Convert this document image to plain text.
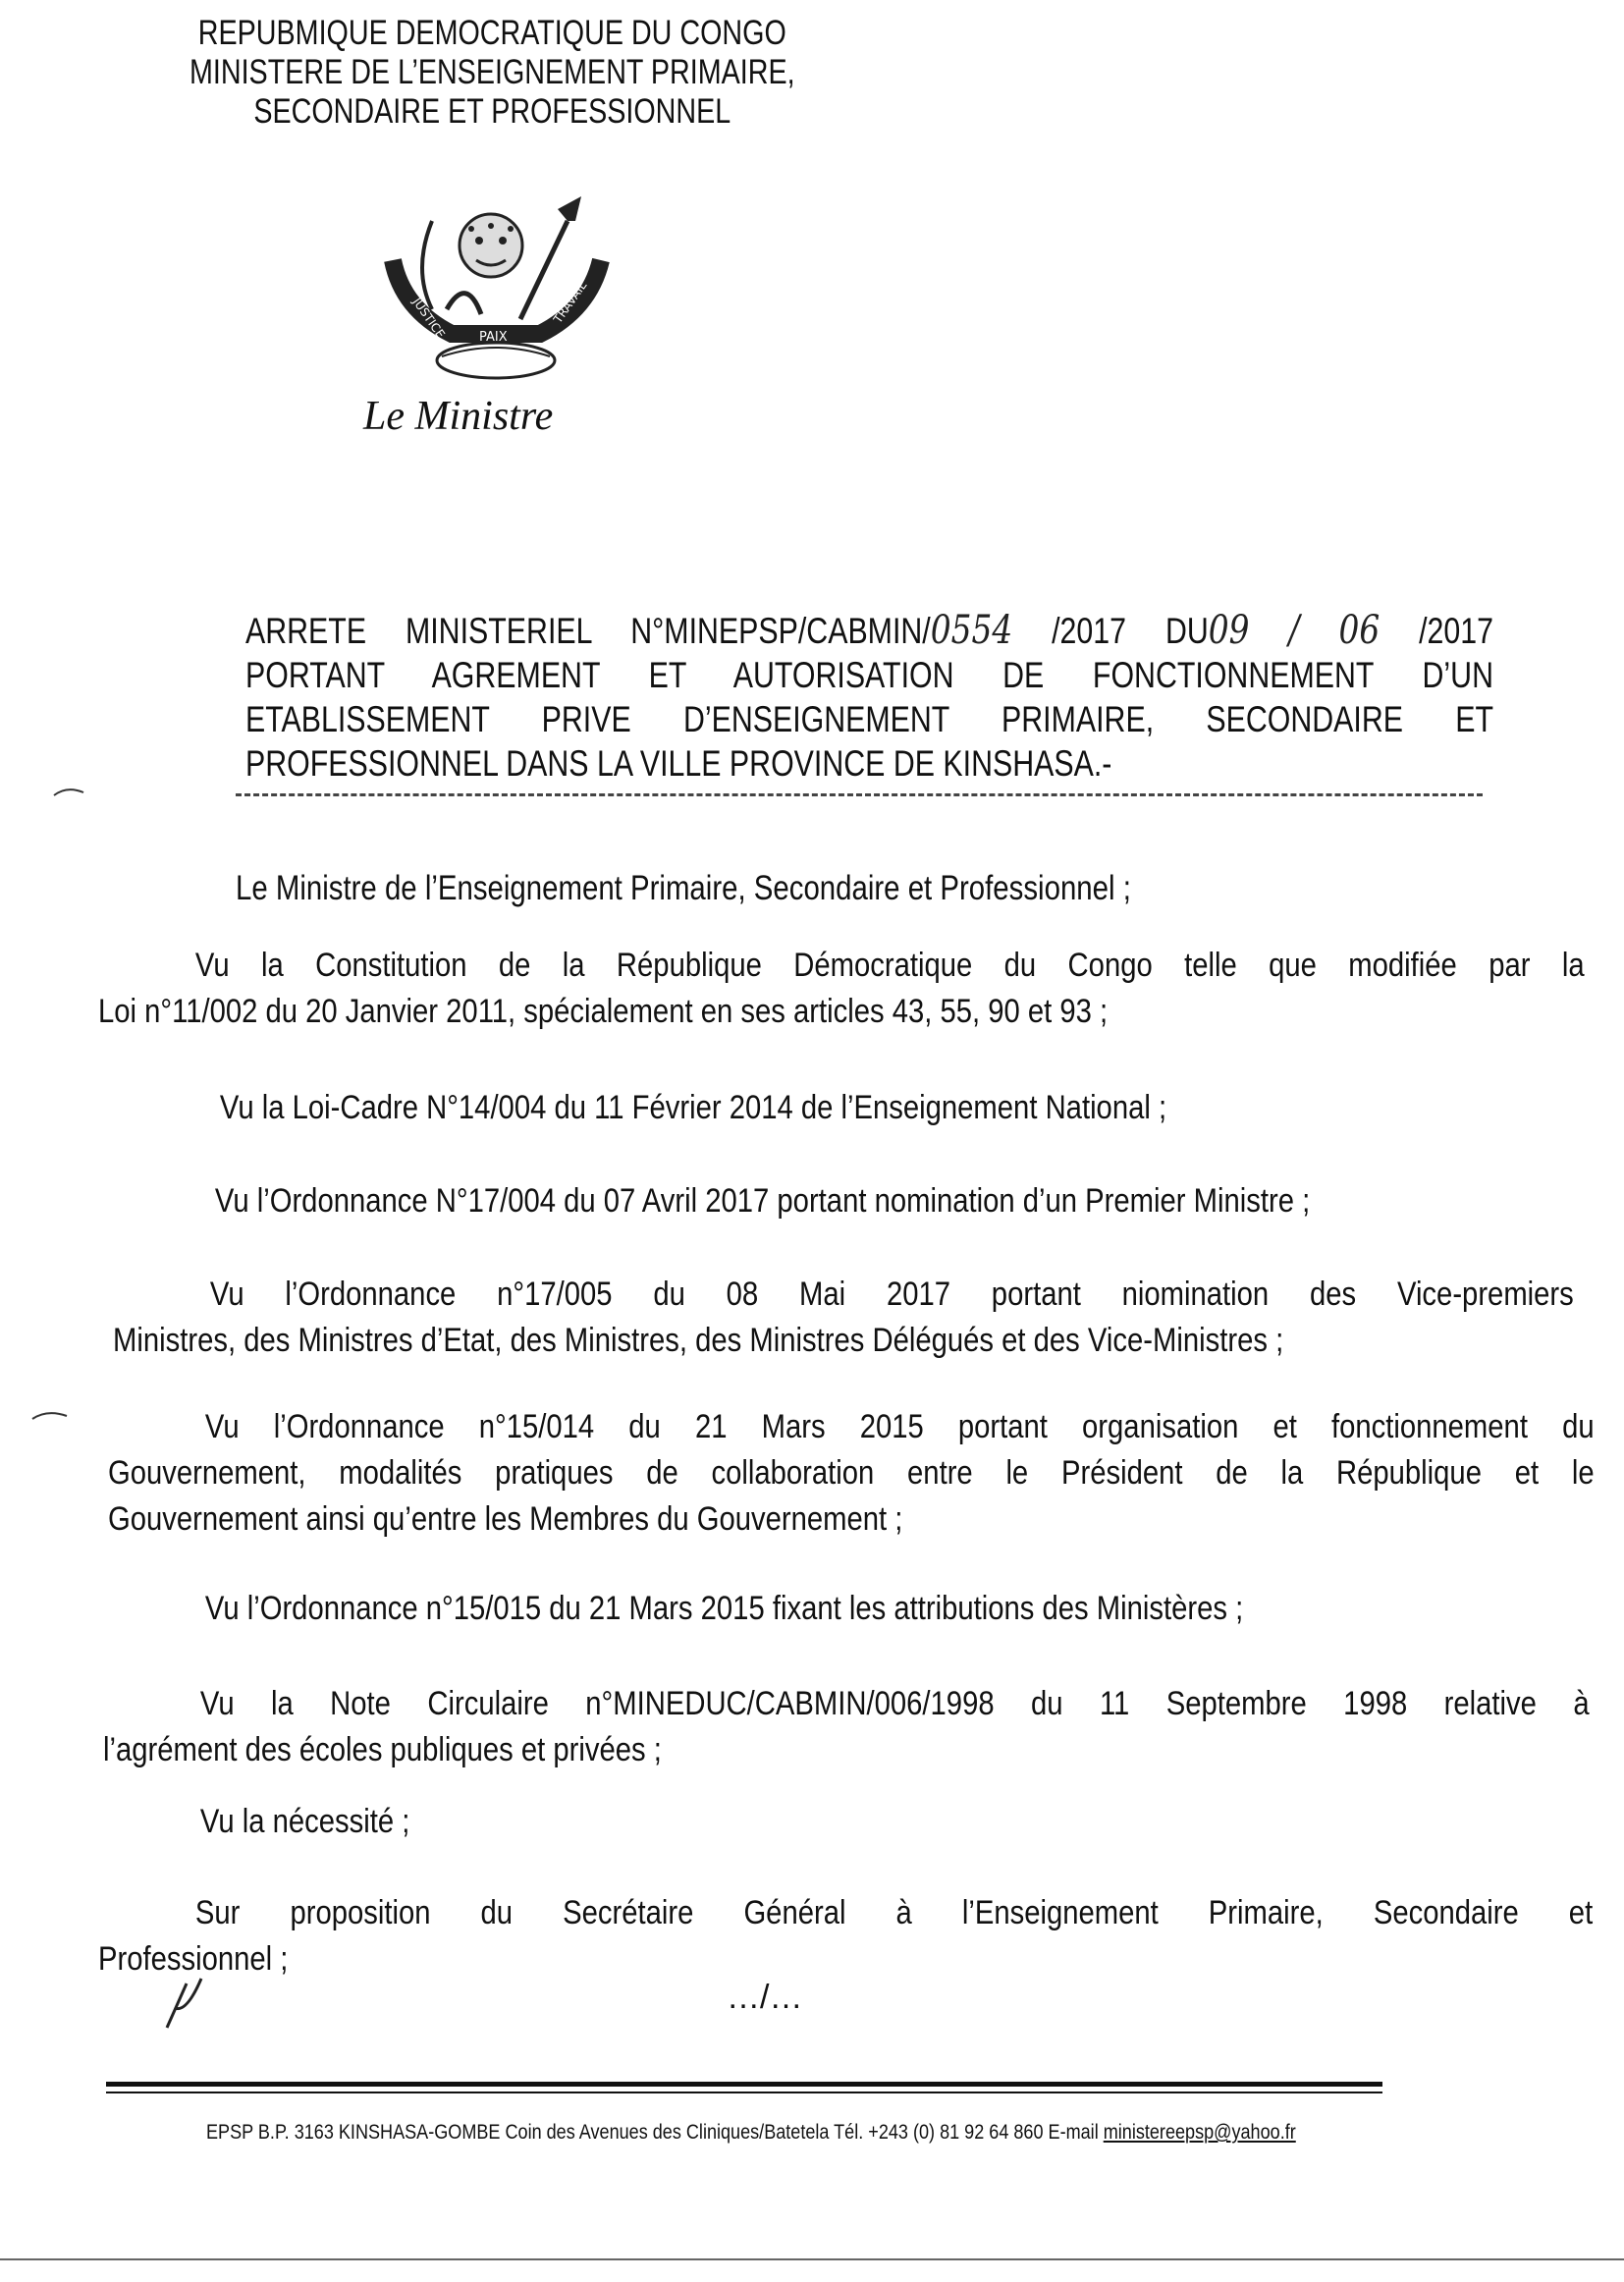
REPUBMIQUE DEMOCRATIQUE DU CONGO
MINISTERE DE L’ENSEIGNEMENT PRIMAIRE,
SECONDAIRE ET PROFESSIONNEL
JUSTICE PAIX
TRAVAIL
Le Ministre
ARRETE MINISTERIEL N°MINEPSP/CABMIN/0554 /2017 DU09 / 06 /2017
PORTANT AGREMENT ET AUTORISATION DE FONCTIONNEMENT D’UN
ETABLISSEMENT PRIVE D’ENSEIGNEMENT PRIMAIRE, SECONDAIRE ET
PROFESSIONNEL DANS LA VILLE PROVINCE DE KINSHASA.-
Le Ministre de l’Enseignement Primaire, Secondaire et Professionnel ;
Vu la Constitution de la République Démocratique du Congo telle que modifiée par la
Loi n°11/002 du 20 Janvier 2011, spécialement en ses articles 43, 55, 90 et 93 ;
Vu la Loi-Cadre N°14/004 du 11 Février 2014 de l’Enseignement National ;
Vu l’Ordonnance N°17/004 du 07 Avril 2017 portant nomination d’un Premier Ministre ;
Vu l’Ordonnance n°17/005 du 08 Mai 2017 portant niomination des Vice-premiers
Ministres, des Ministres d’Etat, des Ministres, des Ministres Délégués et des Vice-Ministres ;
Vu l’Ordonnance n°15/014 du 21 Mars 2015 portant organisation et fonctionnement du
Gouvernement, modalités pratiques de collaboration entre le Président de la République et le
Gouvernement ainsi qu’entre les Membres du Gouvernement ;
Vu l’Ordonnance n°15/015 du 21 Mars 2015 fixant les attributions des Ministères ;
Vu la Note Circulaire n°MINEDUC/CABMIN/006/1998 du 11 Septembre 1998 relative à
l’agrément des écoles publiques et privées ;
Vu la nécessité ;
Sur proposition du Secrétaire Général à l’Enseignement Primaire, Secondaire et
Professionnel ;
…/…
EPSP B.P. 3163 KINSHASA-GOMBE Coin des Avenues des Cliniques/Batetela Tél. +243 (0) 81 92 64 860 E-mail ministereepsp@yahoo.fr
